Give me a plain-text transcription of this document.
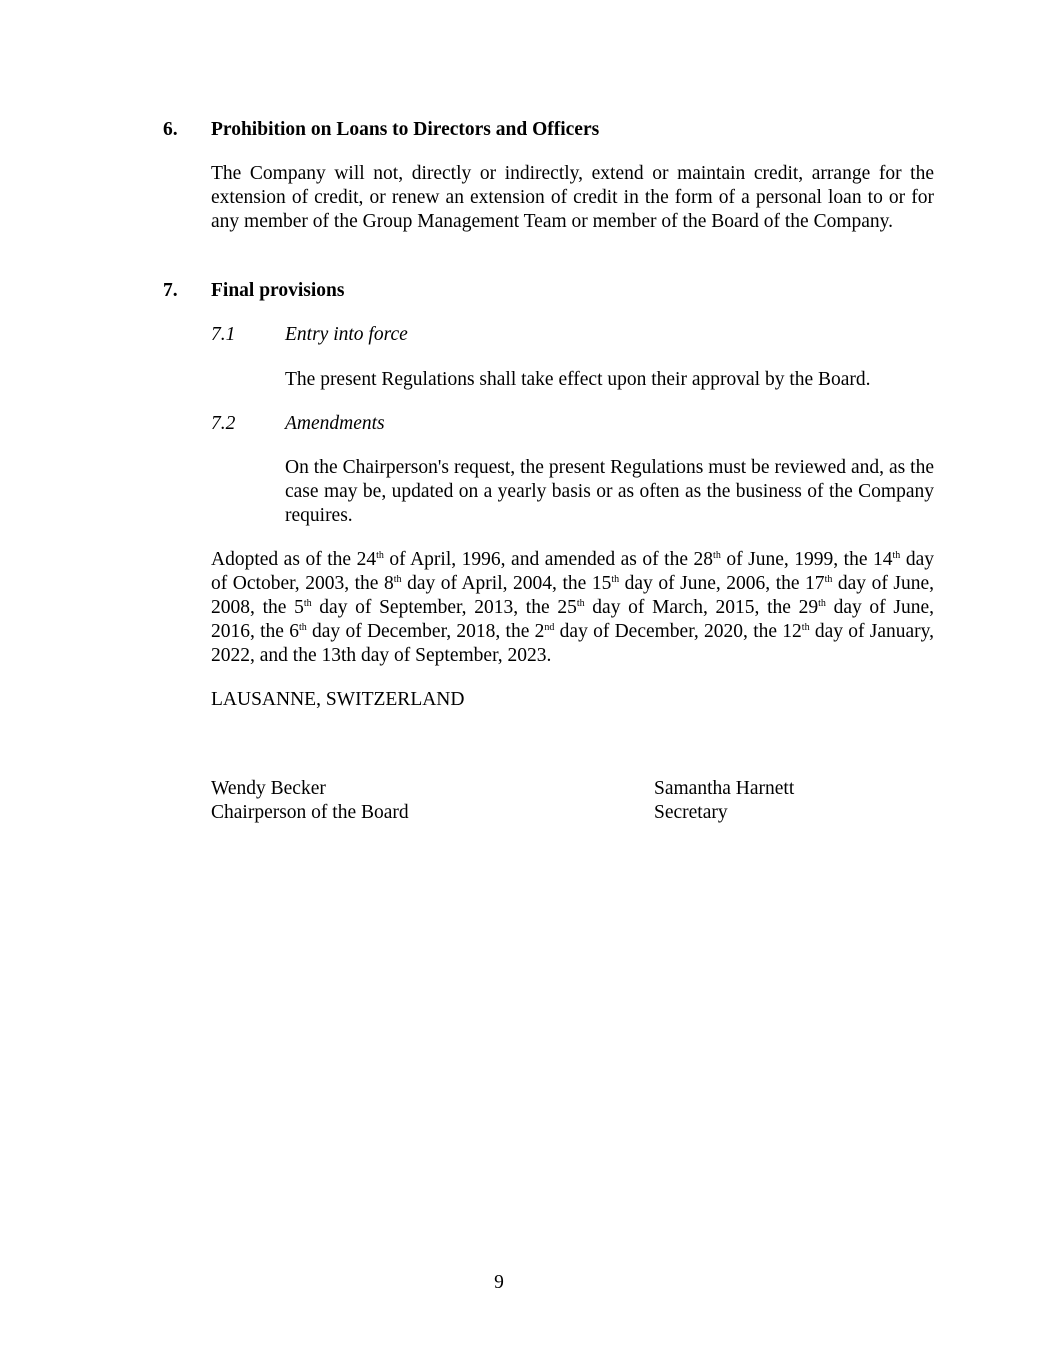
6. Prohibition on Loans to Directors and Officers

The Company will not, directly or indirectly, extend or maintain credit, arrange for the extension of credit, or renew an extension of credit in the form of a personal loan to or for any member of the Group Management Team or member of the Board of the Company.

7. Final provisions
7.1	Entry into force

The present Regulations shall take effect upon their approval by the Board.

7.2	Amendments

On the Chairperson's request, the present Regulations must be reviewed and, as the case may be, updated on a yearly basis or as often as the business of the Company requires.

Adopted as of the 24th of April, 1996, and amended as of the 28th of June, 1999, the 14th day of October, 2003, the 8th day of April, 2004, the 15th day of June, 2006, the 17th day of June, 2008, the 5th day of September, 2013, the 25th day of March, 2015, the 29th day of June, 2016, the 6th day of December, 2018, the 2nd day of December, 2020, the 12th day of January, 2022, and the 13th day of September, 2023.

LAUSANNE, SWITZERLAND
Wendy Becker
Chairperson of the Board
Samantha Harnett
Secretary
9
